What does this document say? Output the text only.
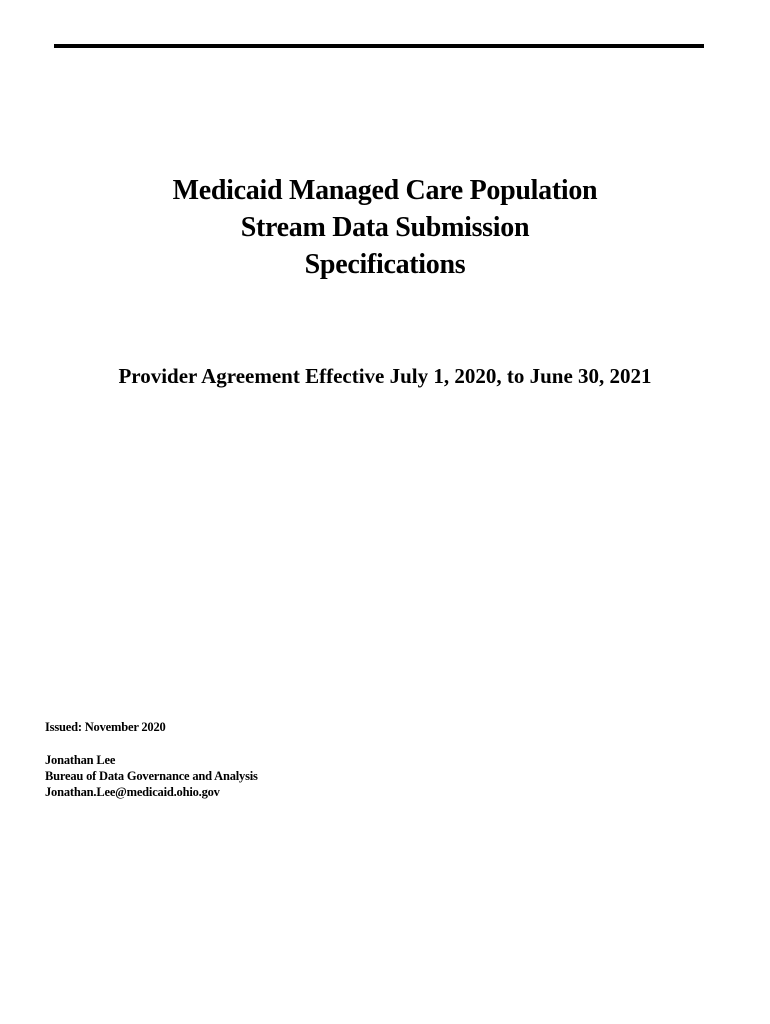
Medicaid Managed Care Population
Stream Data Submission
Specifications
Provider Agreement Effective July 1, 2020, to June 30, 2021
Issued: November 2020
Jonathan Lee
Bureau of Data Governance and Analysis
Jonathan.Lee@medicaid.ohio.gov
